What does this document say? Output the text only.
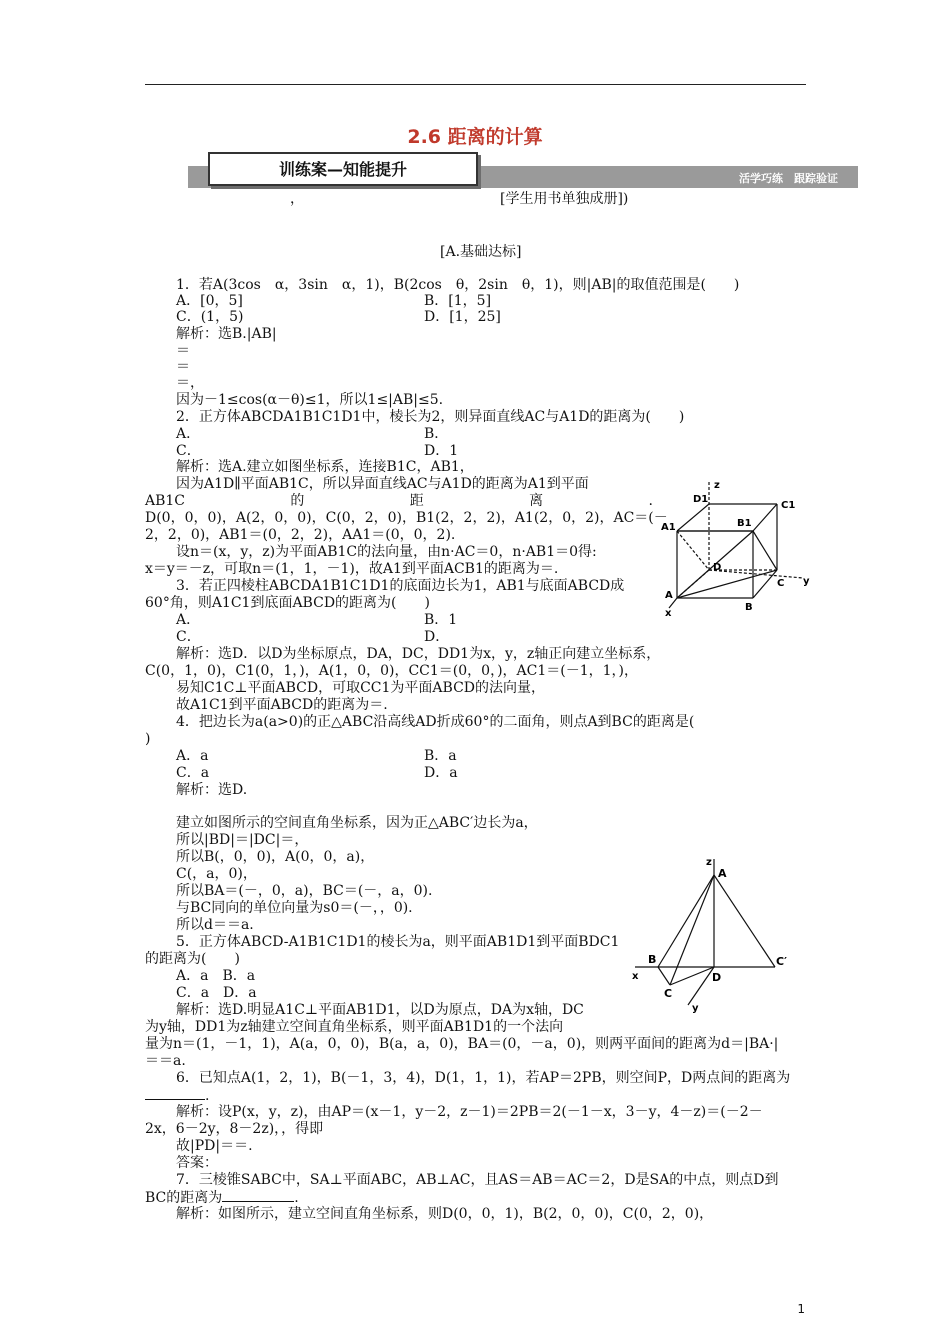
2.6 距离的计算
活学巧练　跟踪验证
训练案—知能提升
，	[学生用书单独成册])
[A.基础达标]
1．若A(3cos　α，3sin　α，1)，B(2cos　θ，2sin　θ，1)，则|AB|的取值范围是(　　)
A．[0，5]	B．[1，5]
C．(1，5)	D．[1，25]
解析：选B.|AB|
＝
＝
＝，
因为－1≤cos(α－θ)≤1，所以1≤|AB|≤5.
2．正方体ABCDA1B1C1D1中，棱长为2，则异面直线AC与A1D的距离为(　　)
A．	B．
C．	D．1
解析：选A.建立如图坐标系，连接B1C，AB1，
因为A1D∥平面AB1C，所以异面直线AC与A1D的距离为A1到平面
AB1C　　的　　距　　离　　.
D(0，0，0)，A(2，0，0)，C(0，2，0)，B1(2，2，2)，A1(2，0，2)，AC＝(－
2，2，0)，AB1＝(0，2，2)，AA1＝(0，0，2).
设n＝(x，y，z)为平面AB1C的法向量，由n·AC＝0，n·AB1＝0得:
x＝y＝－z，可取n＝(1，1，－1)，故A1到平面ACB1的距离为＝.
3．若正四棱柱ABCDA1B1C1D1的底面边长为1，AB1与底面ABCD成
60°角，则A1C1到底面ABCD的距离为(　　)
A．	B．1
C．	D．
解析：选D．以D为坐标原点，DA，DC，DD1为x，y，z轴正向建立坐标系，
C(0，1，0)，C1(0，1，)，A(1，0，0)，CC1＝(0，0，)，AC1＝(－1，1，)，
易知C1C⊥平面ABCD，可取CC1为平面ABCD的法向量，
故A1C1到平面ABCD的距离为＝.
4．把边长为a(a>0)的正△ABC沿高线AD折成60°的二面角，则点A到BC的距离是(
)
A．a	B．a
C．a	D．a
解析：选D.
建立如图所示的空间直角坐标系，因为正△ABC′边长为a，
所以|BD|＝|DC|＝，
所以B(，0，0)，A(0，0，a)，
C(，a，0)，
所以BA＝(－，0，a)，BC＝(－，a，0).
与BC同向的单位向量为s0＝(－，，0).
所以d＝＝a.
5．正方体ABCD-A1B1C1D1的棱长为a，则平面AB1D1到平面BDC1
的距离为(　　)
A．a　B．a
C．a　D．a
解析：选D.明显A1C⊥平面AB1D1，以D为原点，DA为x轴，DC
为y轴，DD1为z轴建立空间直角坐标系，则平面AB1D1的一个法向
量为n＝(1，－1，1)，A(a，0，0)，B(a，a，0)，BA＝(0，－a，0)，则两平面间的距离为d＝|BA·|
＝＝a.
6．已知点A(1，2，1)，B(－1，3，4)，D(1，1，1)，若AP＝2PB，则空间P，D两点间的距离为
.
解析：设P(x，y，z)，由AP＝(x－1，y－2，z－1)＝2PB＝2(－1－x，3－y，4－z)＝(－2－
2x，6－2y，8－2z)，，得即
故|PD|＝＝.
答案：
7．三棱锥SABC中，SA⊥平面ABC，AB⊥AC，且AS＝AB＝AC＝2，D是SA的中点，则点D到
BC的距离为	.
解析：如图所示，建立空间直角坐标系，则D(0，0，1)，B(2，0，0)，C(0，2，0)，
z
D1
C1
A1	B1
D
C y
A
B
x
z
A
B
D
C′
C
x
y
1
